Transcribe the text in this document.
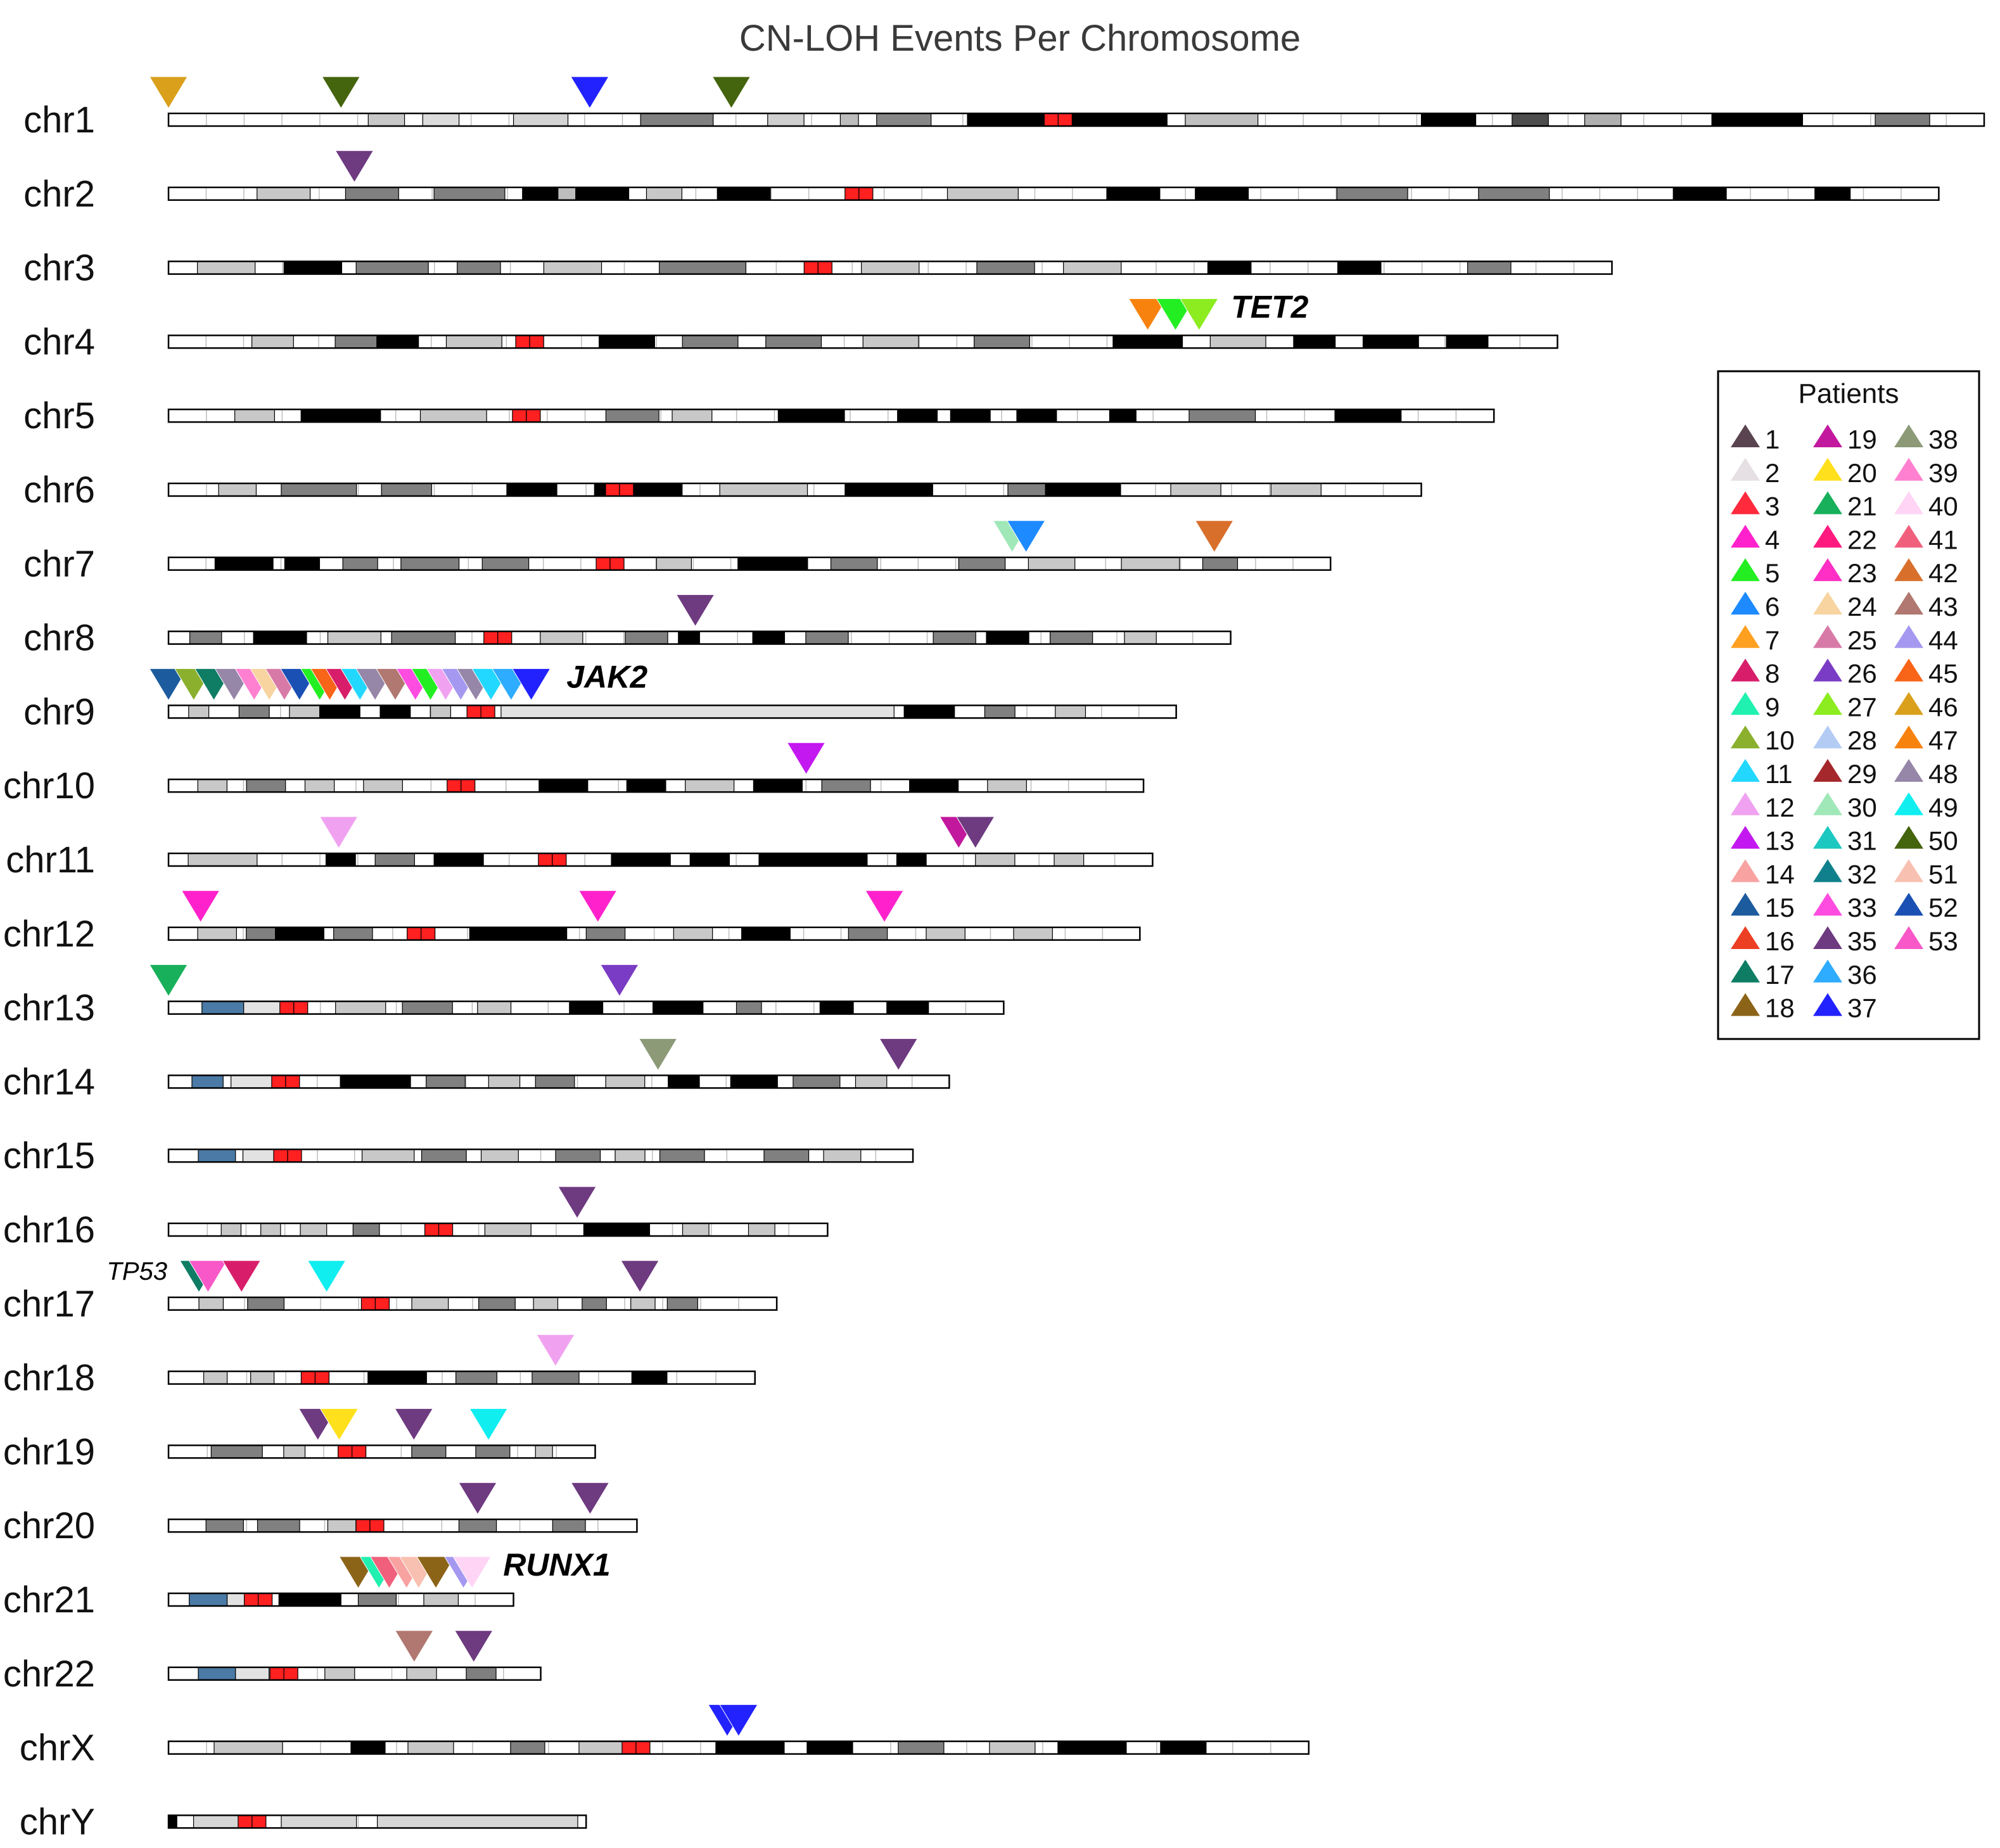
CN-LOH Events Per Chromosome
chr1
chr2
chr3
chr4
chr5
chr6
chr7
chr8
chr9
chr10
chr11
chr12
chr13
chr14
chr15
chr16
chr17
chr18
chr19
chr20
chr21
chr22
chrX
chrY
TET2
JAK2
TP53
RUNX1
Patients
1
2
3
4
5
6
7
8
9
10
11
12
13
14
15
16
17
18
19
20
21
22
23
24
25
26
27
28
29
30
31
32
33
35
36
37
38
39
40
41
42
43
44
45
46
47
48
49
50
51
52
53
